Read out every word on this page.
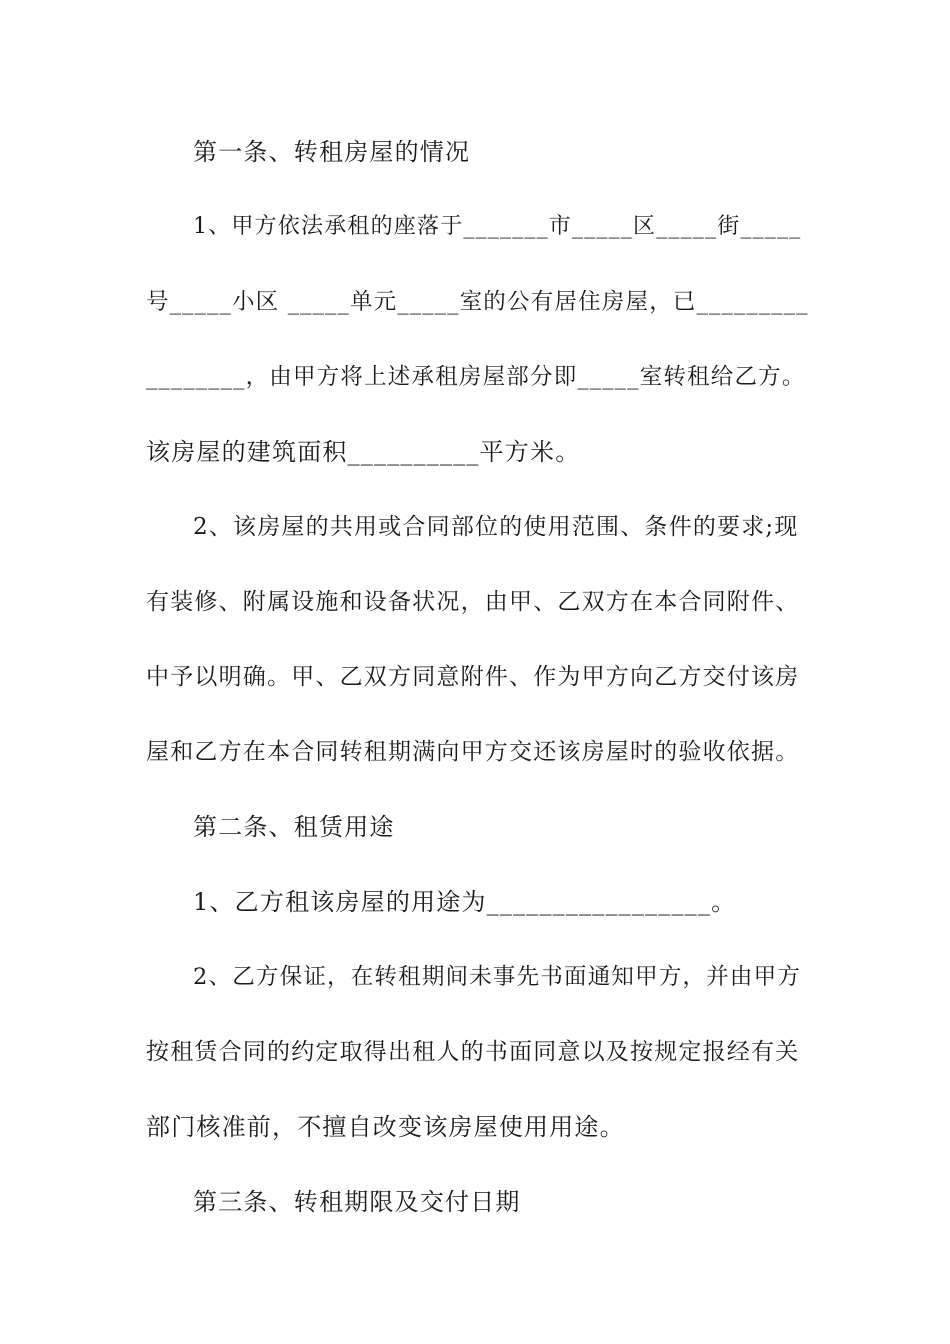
第一条、转租房屋的情况

1、甲方依法承租的座落于_______市_____区_____街_____

号_____小区 _____单元_____室的公有居住房屋，已_________

________，由甲方将上述承租房屋部分即_____室转租给乙方。

该房屋的建筑面积__________平方米。

2、该房屋的共用或合同部位的使用范围、条件的要求;现

有装修、附属设施和设备状况，由甲、乙双方在本合同附件、

中予以明确。甲、乙双方同意附件、作为甲方向乙方交付该房

屋和乙方在本合同转租期满向甲方交还该房屋时的验收依据。

第二条、租赁用途

1、乙方租该房屋的用途为_________________。

2、乙方保证，在转租期间未事先书面通知甲方，并由甲方

按租赁合同的约定取得出租人的书面同意以及按规定报经有关

部门核准前，不擅自改变该房屋使用用途。

第三条、转租期限及交付日期
